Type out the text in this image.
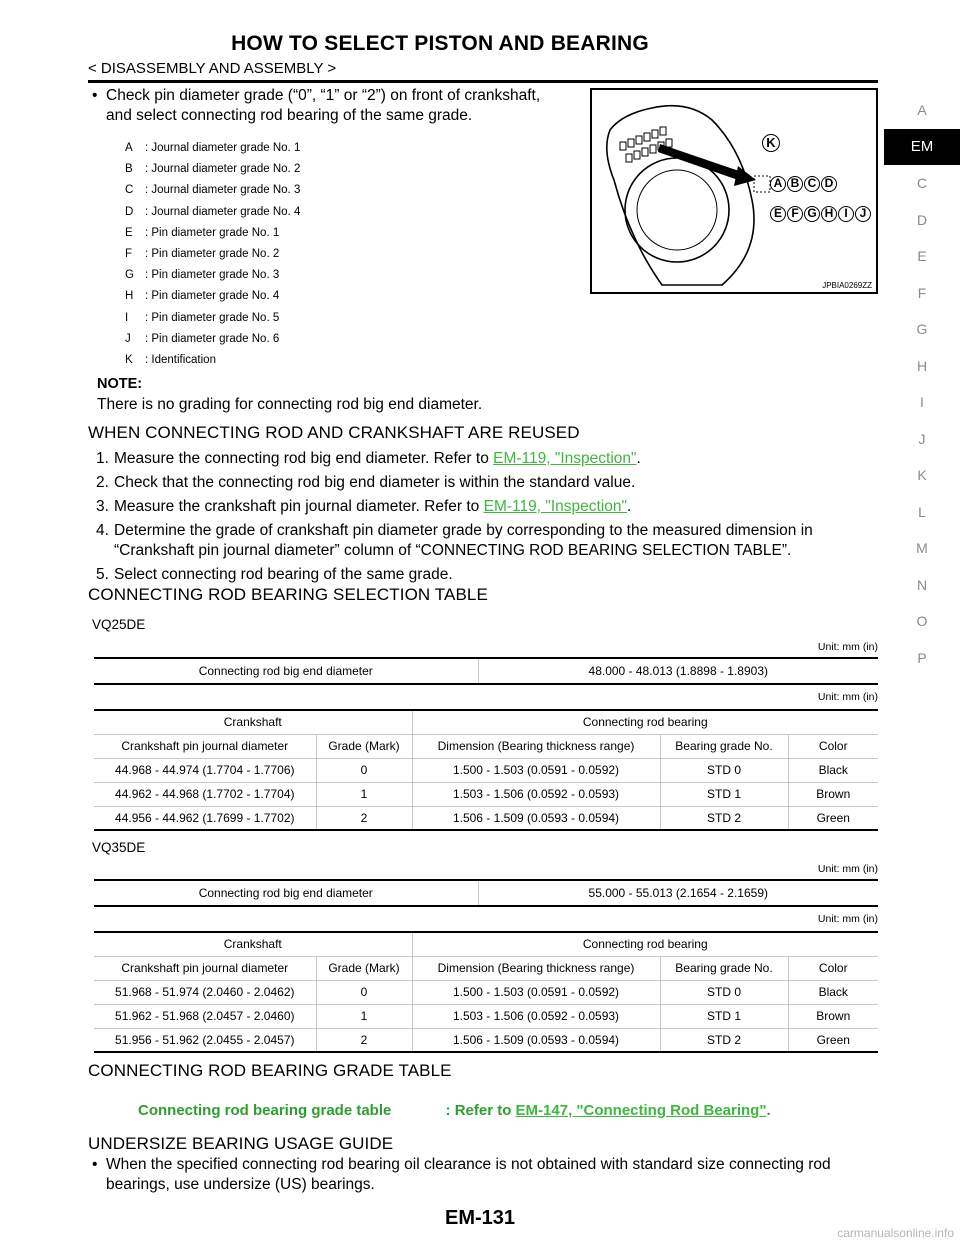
HOW TO SELECT PISTON AND BEARING
< DISASSEMBLY AND ASSEMBLY >
A
EM
C
D
E
F
G
H
I
J
K
L
M
N
O
P
• Check pin diameter grade (“0”, “1” or “2”) on front of crankshaft,
and select connecting rod bearing of the same grade.
A : Journal diameter grade No. 1
B : Journal diameter grade No. 2
C : Journal diameter grade No. 3
D : Journal diameter grade No. 4
E : Pin diameter grade No. 1
F : Pin diameter grade No. 2
G : Pin diameter grade No. 3
H : Pin diameter grade No. 4
I : Pin diameter grade No. 5
J : Pin diameter grade No. 6
K : Identification
K
A B C D
E F G H I J
JPBIA0269ZZ
NOTE:
There is no grading for connecting rod big end diameter.
WHEN CONNECTING ROD AND CRANKSHAFT ARE REUSED
1. Measure the connecting rod big end diameter. Refer to EM-119, "Inspection".
2. Check that the connecting rod big end diameter is within the standard value.
3. Measure the crankshaft pin journal diameter. Refer to EM-119, "Inspection".
4. Determine the grade of crankshaft pin diameter grade by corresponding to the measured dimension in “Crankshaft pin journal diameter” column of “CONNECTING ROD BEARING SELECTION TABLE”.
5. Select connecting rod bearing of the same grade.
CONNECTING ROD BEARING SELECTION TABLE
VQ25DE
Unit: mm (in)
Connecting rod big end diameter	48.000 - 48.013 (1.8898 - 1.8903)
Unit: mm (in)
Crankshaft		Connecting rod bearing		
Crankshaft pin journal diameter	Grade (Mark)	Dimension (Bearing thickness range)	Bearing grade No.	Color
44.968 - 44.974 (1.7704 - 1.7706)	0	1.500 - 1.503 (0.0591 - 0.0592)	STD 0	Black
44.962 - 44.968 (1.7702 - 1.7704)	1	1.503 - 1.506 (0.0592 - 0.0593)	STD 1	Brown
44.956 - 44.962 (1.7699 - 1.7702)	2	1.506 - 1.509 (0.0593 - 0.0594)	STD 2	Green
VQ35DE
Unit: mm (in)
Connecting rod big end diameter	55.000 - 55.013 (2.1654 - 2.1659)
Unit: mm (in)
Crankshaft		Connecting rod bearing		
Crankshaft pin journal diameter	Grade (Mark)	Dimension (Bearing thickness range)	Bearing grade No.	Color
51.968 - 51.974 (2.0460 - 2.0462)	0	1.500 - 1.503 (0.0591 - 0.0592)	STD 0	Black
51.962 - 51.968 (2.0457 - 2.0460)	1	1.503 - 1.506 (0.0592 - 0.0593)	STD 1	Brown
51.956 - 51.962 (2.0455 - 2.0457)	2	1.506 - 1.509 (0.0593 - 0.0594)	STD 2	Green
CONNECTING ROD BEARING GRADE TABLE
Connecting rod bearing grade table	: Refer to EM-147, "Connecting Rod Bearing".
UNDERSIZE BEARING USAGE GUIDE
• When the specified connecting rod bearing oil clearance is not obtained with standard size connecting rod
bearings, use undersize (US) bearings.
EM-131
carmanualsonline.info
